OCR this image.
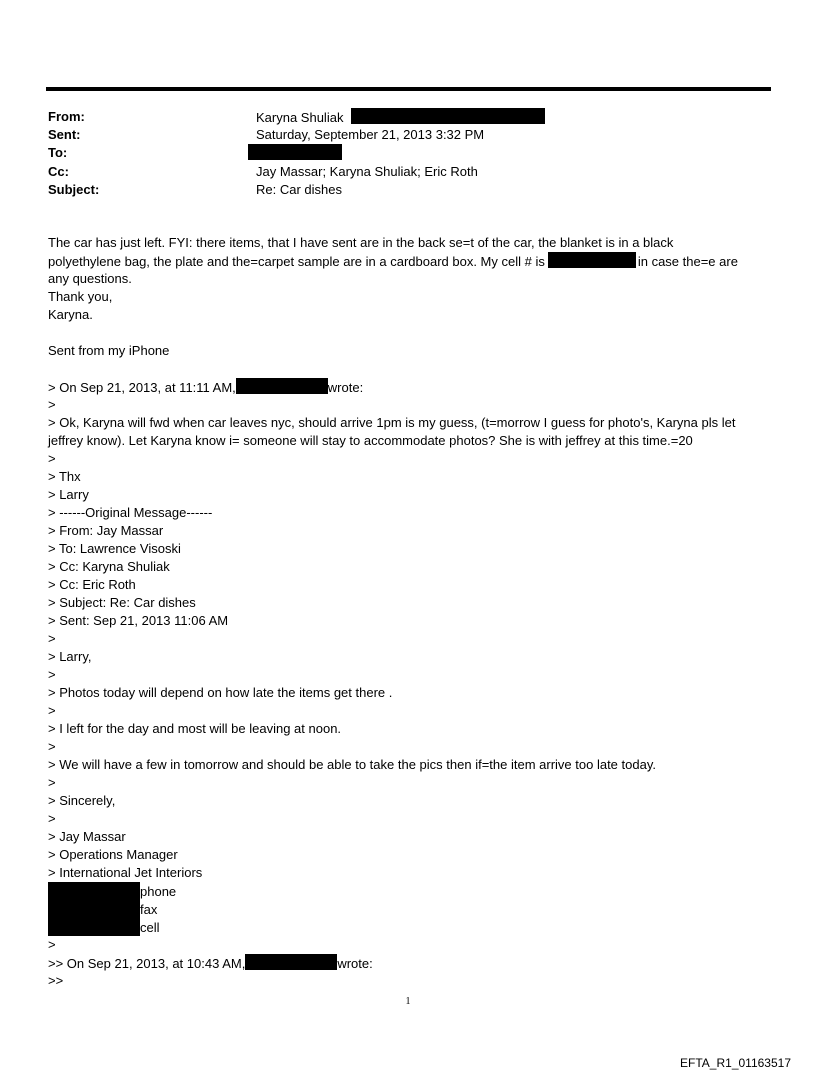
From:	Karyna Shuliak
Sent:	Saturday, September 21, 2013 3:32 PM
To:
Cc:	Jay Massar; Karyna Shuliak; Eric Roth
Subject:	Re: Car dishes
The car has just left. FYI: there items, that I have sent are in the back se=t of the car, the blanket is in a black
polyethylene bag, the plate and the=carpet sample are in a cardboard box. My cell # is	in case the=e are
any questions.
Thank you,
Karyna.
Sent from my iPhone
> On Sep 21, 2013, at 11:11 AM,	wrote:
>
> Ok, Karyna will fwd when car leaves nyc, should arrive 1pm is my guess, (t=morrow I guess for photo's, Karyna pls let
jeffrey know). Let Karyna know i= someone will stay to accommodate photos? She is with jeffrey at this time.=20
>
> Thx
> Larry
> ------Original Message------
> From: Jay Massar
> To: Lawrence Visoski
> Cc: Karyna Shuliak
> Cc: Eric Roth
> Subject: Re: Car dishes
> Sent: Sep 21, 2013 11:06 AM
>
> Larry,
>
> Photos today will depend on how late the items get there .
>
> I left for the day and most will be leaving at noon.
>
> We will have a few in tomorrow and should be able to take the pics then if=the item arrive too late today.
>
> Sincerely,
>
> Jay Massar
> Operations Manager
> International Jet Interiors
phone
fax
cell
>
>> On Sep 21, 2013, at 10:43 AM,	wrote:
>>
1
EFTA_R1_01163517
